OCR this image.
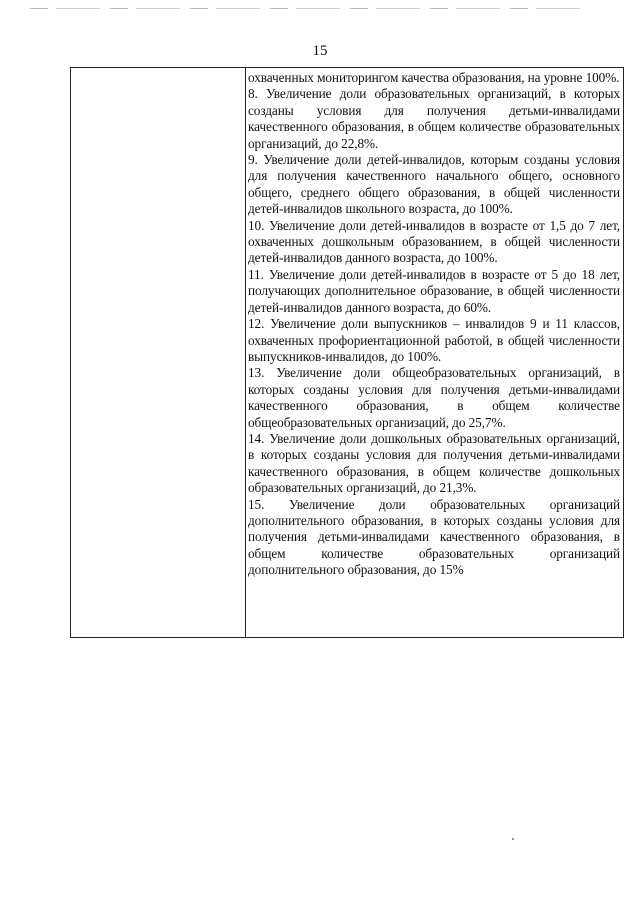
15

охваченных мониторингом качества образования, на уровне 100%.

8. Увеличение доли образовательных организаций, в которых созданы условия для получения детьми-инвалидами качественного образования, в общем количестве образовательных организаций, до 22,8%.

9. Увеличение доли детей-инвалидов, которым созданы условия для получения качественного начального общего, основного общего, среднего общего образования, в общей численности детей-инвалидов школьного возраста, до 100%.

10. Увеличение доли детей-инвалидов в возрасте от 1,5 до 7 лет, охваченных дошкольным образованием, в общей численности детей-инвалидов данного возраста, до 100%.

11. Увеличение доли детей-инвалидов в возрасте от 5 до 18 лет, получающих дополнительное образование, в общей численности детей-инвалидов данного возраста, до 60%.

12. Увеличение доли выпускников – инвалидов 9 и 11 классов, охваченных профориентационной работой, в общей численности выпускников-инвалидов, до 100%.

13. Увеличение доли общеобразовательных организаций, в которых созданы условия для получения детьми-инвалидами качественного образования, в общем количестве общеобразовательных организаций, до 25,7%.

14. Увеличение доли дошкольных образовательных организаций, в которых созданы условия для получения детьми-инвалидами качественного образования, в общем количестве дошкольных образовательных организаций, до 21,3%.

15. Увеличение доли образовательных организаций дополнительного образования, в которых созданы условия для получения детьми-инвалидами качественного образования, в общем количестве образовательных организаций дополнительного образования, до 15%
